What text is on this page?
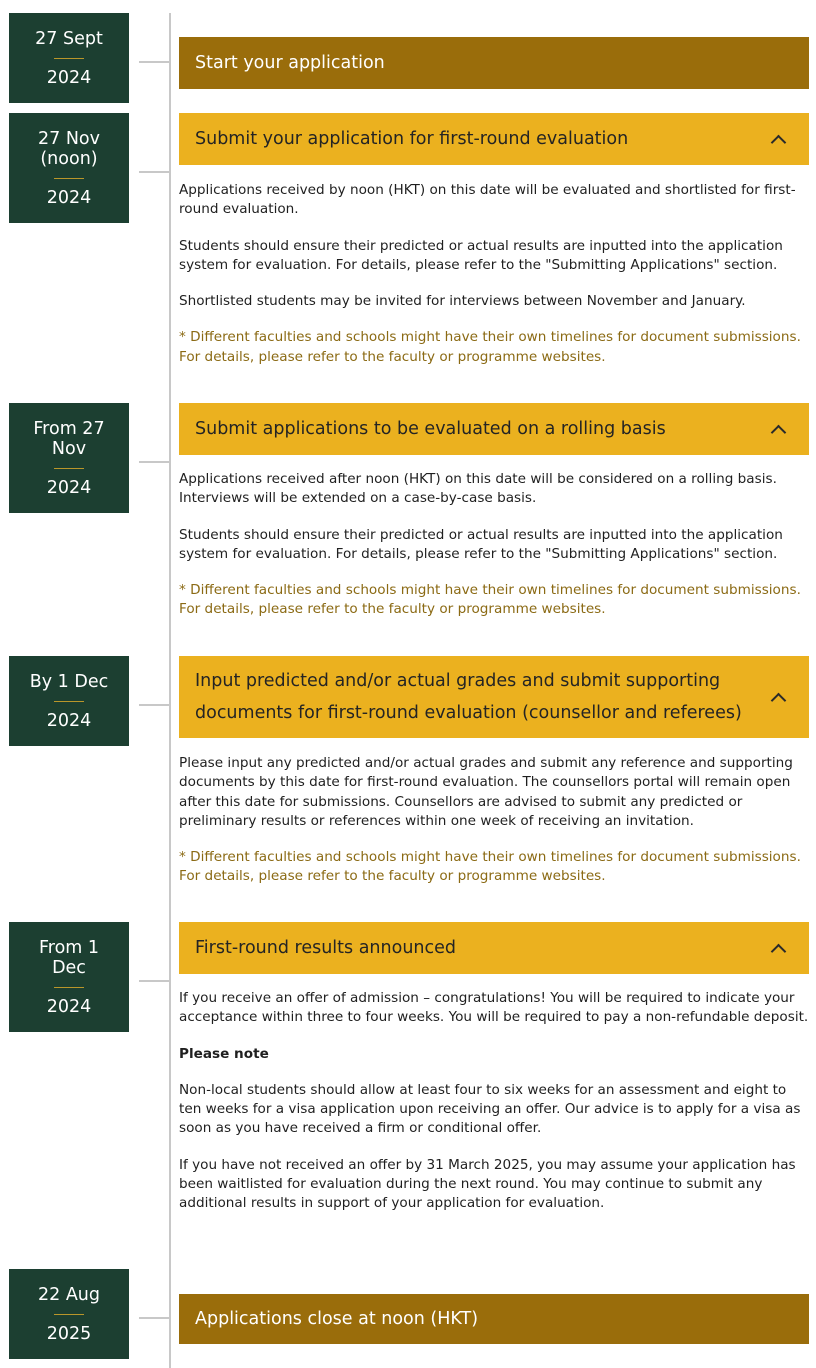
27 Sept
2024
Start your application
27 Nov (noon)
2024
Submit your application for first-round evaluation

Applications received by noon (HKT) on this date will be evaluated and shortlisted for first-round evaluation.

Students should ensure their predicted or actual results are inputted into the application system for evaluation. For details, please refer to the "Submitting Applications" section.

Shortlisted students may be invited for interviews between November and January.

* Different faculties and schools might have their own timelines for document submissions. For details, please refer to the faculty or programme websites.

From 27 Nov
2024
Submit applications to be evaluated on a rolling basis

Applications received after noon (HKT) on this date will be considered on a rolling basis. Interviews will be extended on a case-by-case basis.

Students should ensure their predicted or actual results are inputted into the application system for evaluation. For details, please refer to the "Submitting Applications" section.

* Different faculties and schools might have their own timelines for document submissions. For details, please refer to the faculty or programme websites.

By 1 Dec
2024
Input predicted and/or actual grades and submit supporting documents for first-round evaluation (counsellor and referees)

Please input any predicted and/or actual grades and submit any reference and supporting documents by this date for first-round evaluation. The counsellors portal will remain open after this date for submissions. Counsellors are advised to submit any predicted or preliminary results or references within one week of receiving an invitation.

* Different faculties and schools might have their own timelines for document submissions. For details, please refer to the faculty or programme websites.

From 1 Dec
2024
First-round results announced

If you receive an offer of admission – congratulations! You will be required to indicate your acceptance within three to four weeks. You will be required to pay a non-refundable deposit.

Please note

Non-local students should allow at least four to six weeks for an assessment and eight to ten weeks for a visa application upon receiving an offer. Our advice is to apply for a visa as soon as you have received a firm or conditional offer.

If you have not received an offer by 31 March 2025, you may assume your application has been waitlisted for evaluation during the next round. You may continue to submit any additional results in support of your application for evaluation.

22 Aug
2025
Applications close at noon (HKT)
